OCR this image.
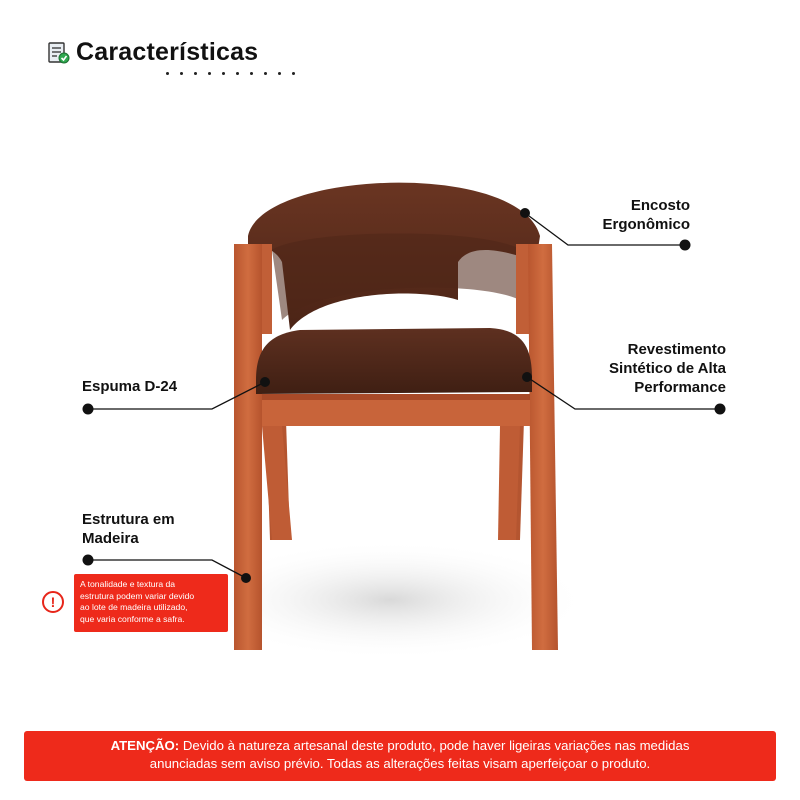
Características
Encosto
Ergonômico
Revestimento
Sintético de Alta
Performance
Espuma D-24
Estrutura em
Madeira
!
A tonalidade e textura da
estrutura podem variar devido
ao lote de madeira utilizado,
que varia conforme a safra.
ATENÇÃO: Devido à natureza artesanal deste produto, pode haver ligeiras variações nas medidas
anunciadas sem aviso prévio. Todas as alterações feitas visam aperfeiçoar o produto.
